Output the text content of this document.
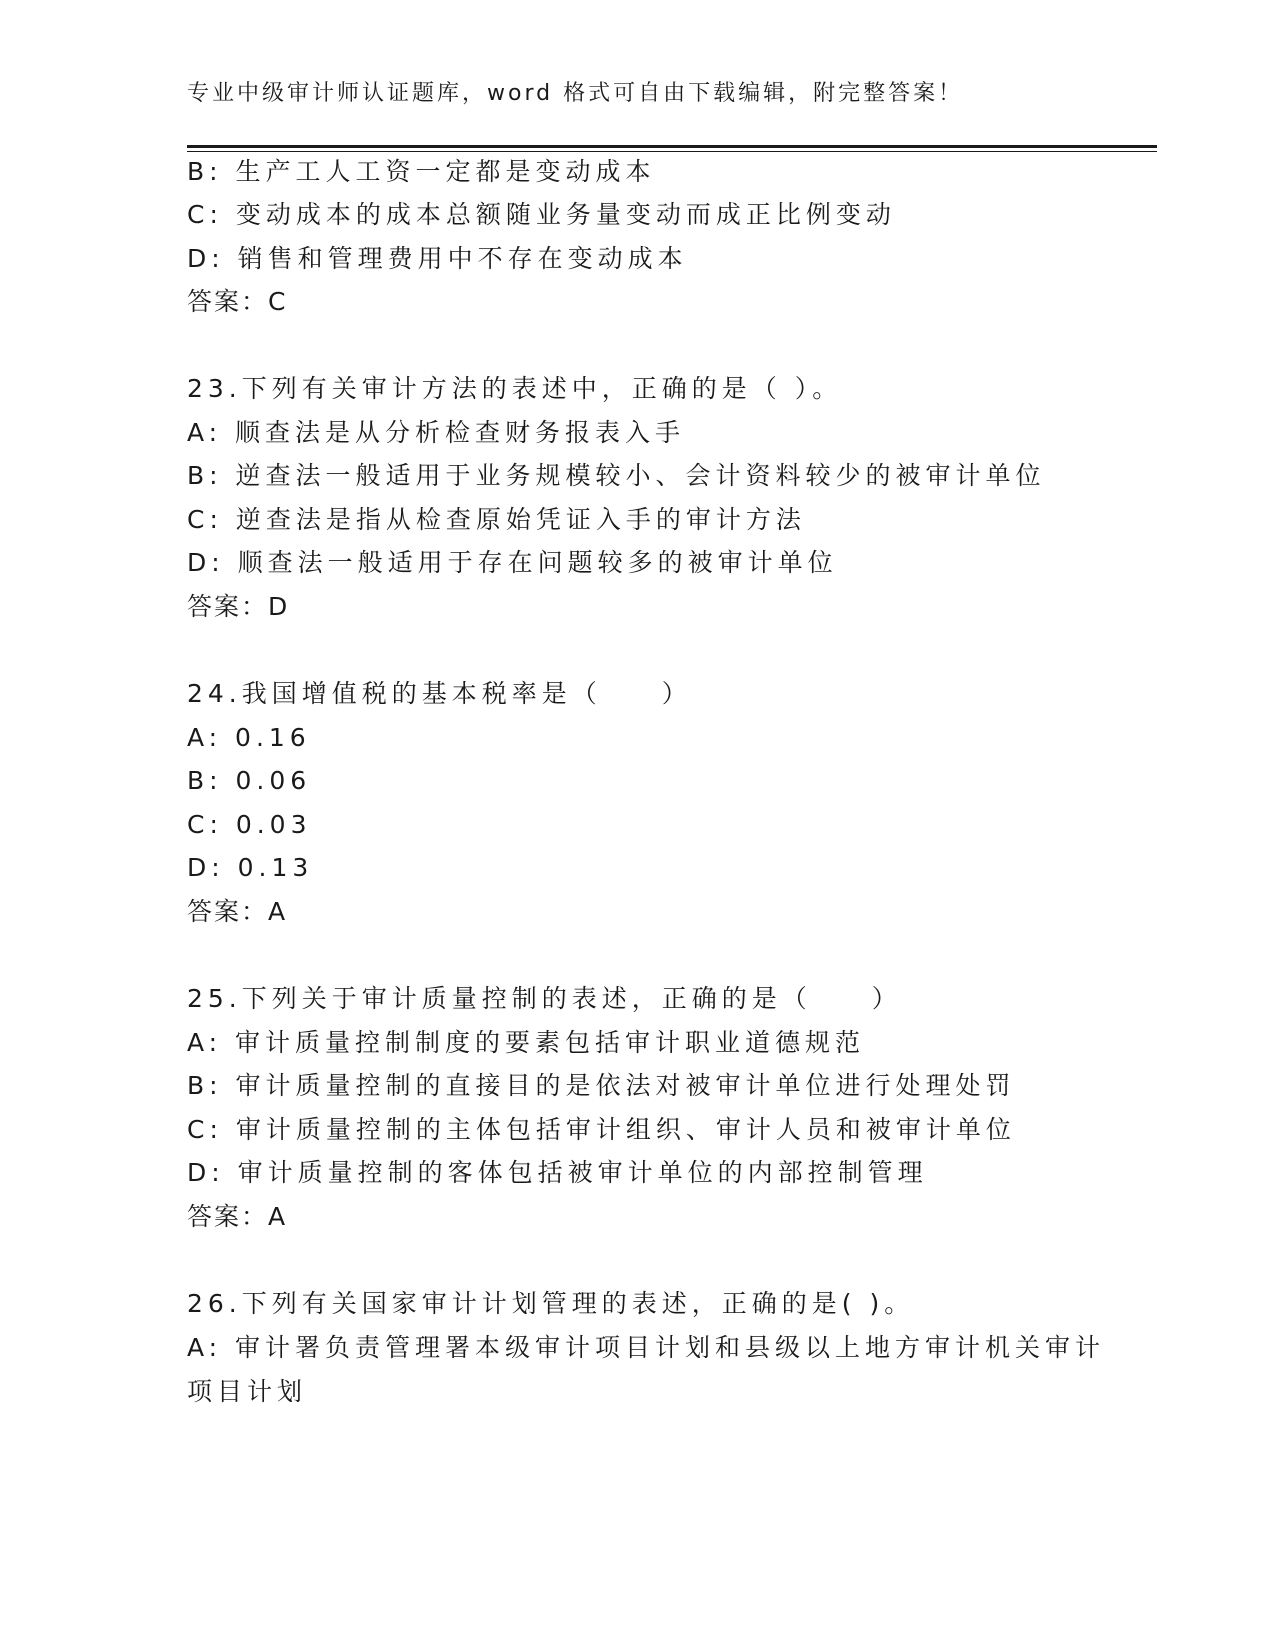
专业中级审计师认证题库，word 格式可自由下载编辑，附完整答案！
B: 生产工人工资一定都是变动成本
C: 变动成本的成本总额随业务量变动而成正比例变动
D: 销售和管理费用中不存在变动成本
答案：C
23.下列有关审计方法的表述中，正确的是（ ）。
A: 顺查法是从分析检查财务报表入手
B: 逆查法一般适用于业务规模较小、会计资料较少的被审计单位
C: 逆查法是指从检查原始凭证入手的审计方法
D: 顺查法一般适用于存在问题较多的被审计单位
答案：D
24.我国增值税的基本税率是（　　）
A: 0.16
B: 0.06
C: 0.03
D: 0.13
答案：A
25.下列关于审计质量控制的表述，正确的是（　　）
A: 审计质量控制制度的要素包括审计职业道德规范
B: 审计质量控制的直接目的是依法对被审计单位进行处理处罚
C: 审计质量控制的主体包括审计组织、审计人员和被审计单位
D: 审计质量控制的客体包括被审计单位的内部控制管理
答案：A
26.下列有关国家审计计划管理的表述，正确的是( )。
A: 审计署负责管理署本级审计项目计划和县级以上地方审计机关审计
项目计划
